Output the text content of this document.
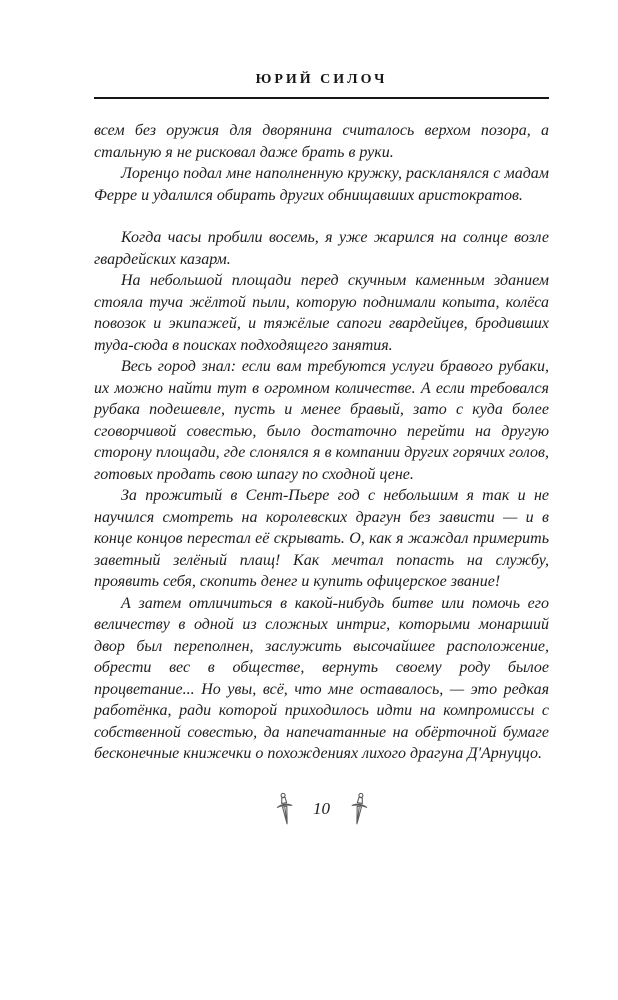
ЮРИЙ СИЛОЧ

всем без оружия для дворянина считалось верхом позора, а стальную я не рисковал даже брать в руки.

Лоренцо подал мне наполненную кружку, раскланялся с мадам Ферре и удалился обирать других обнищавших аристократов.

Когда часы пробили восемь, я уже жарился на солнце возле гвардейских казарм.

На небольшой площади перед скучным каменным зданием стояла туча жёлтой пыли, которую поднимали копыта, колёса повозок и экипажей, и тяжёлые сапоги гвардейцев, бродивших туда-сюда в поисках подходящего занятия.

Весь город знал: если вам требуются услуги бравого рубаки, их можно найти тут в огромном количестве. А если требовался рубака подешевле, пусть и менее бравый, зато с куда более сговорчивой совестью, было достаточно перейти на другую сторону площади, где слонялся я в компании других горячих голов, готовых продать свою шпагу по сходной цене.

За прожитый в Сент-Пьере год с небольшим я так и не научился смотреть на королевских драгун без зависти — и в конце концов перестал её скрывать. О, как я жаждал примерить заветный зелёный плащ! Как мечтал попасть на службу, проявить себя, скопить денег и купить офицерское звание!

А затем отличиться в какой-нибудь битве или помочь его величеству в одной из сложных интриг, которыми монарший двор был переполнен, заслужить высочайшее расположение, обрести вес в обществе, вернуть своему роду былое процветание... Но увы, всё, что мне оставалось, — это редкая работёнка, ради которой приходилось идти на компромиссы с собственной совестью, да напечатанные на обёрточной бумаге бесконечные книжечки о похождениях лихого драгуна Д'Арнуццо.

10
